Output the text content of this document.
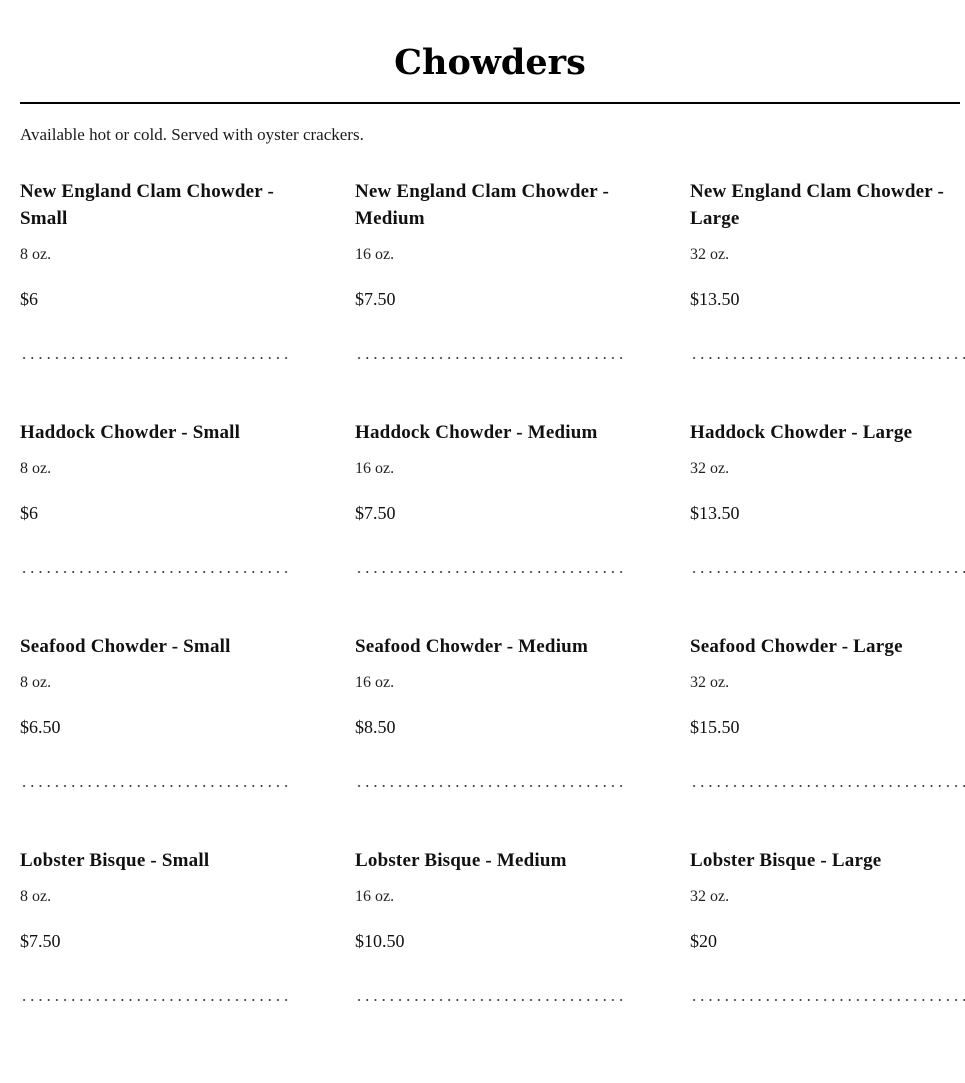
Chowders
Available hot or cold. Served with oyster crackers.
New England Clam Chowder - Small
8 oz.
$6
New England Clam Chowder - Medium
16 oz.
$7.50
New England Clam Chowder - Large
32 oz.
$13.50
Haddock Chowder - Small
8 oz.
$6
Haddock Chowder - Medium
16 oz.
$7.50
Haddock Chowder - Large
32 oz.
$13.50
Seafood Chowder - Small
8 oz.
$6.50
Seafood Chowder - Medium
16 oz.
$8.50
Seafood Chowder - Large
32 oz.
$15.50
Lobster Bisque - Small
8 oz.
$7.50
Lobster Bisque - Medium
16 oz.
$10.50
Lobster Bisque - Large
32 oz.
$20
